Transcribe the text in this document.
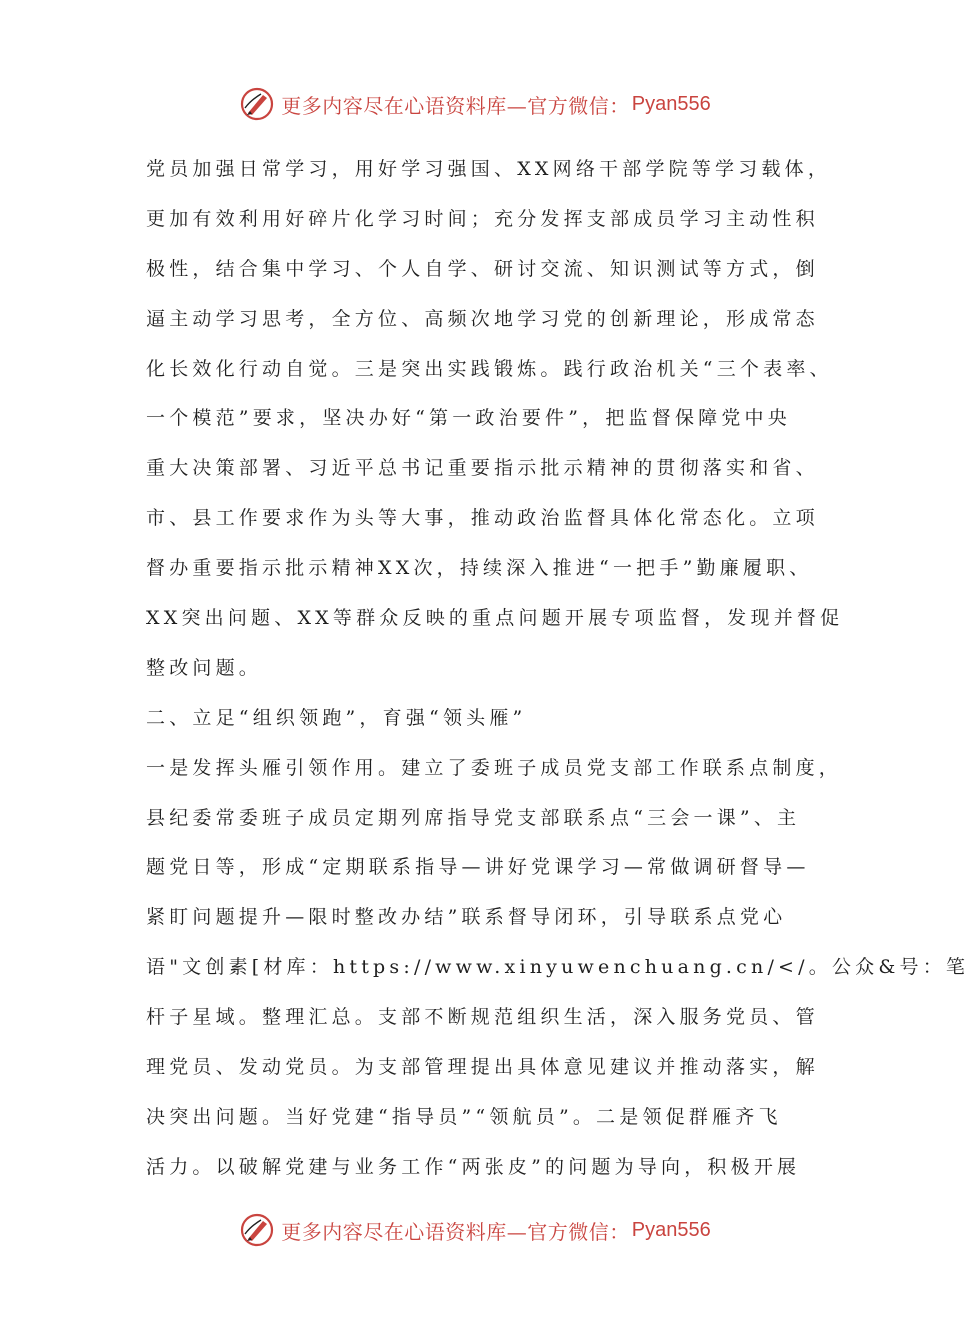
更多内容尽在心语资料库—官方微信： Pyan556
党员加强日常学习，用好学习强国、XX网络干部学院等学习载体，
更加有效利用好碎片化学习时间；充分发挥支部成员学习主动性积
极性，结合集中学习、个人自学、研讨交流、知识测试等方式，倒
逼主动学习思考，全方位、高频次地学习党的创新理论，形成常态
化长效化行动自觉。三是突出实践锻炼。践行政治机关“三个表率、
一个模范”要求，坚决办好“第一政治要件”，把监督保障党中央
重大决策部署、习近平总书记重要指示批示精神的贯彻落实和省、
市、县工作要求作为头等大事，推动政治监督具体化常态化。立项
督办重要指示批示精神XX次，持续深入推进“一把手”勤廉履职、
XX突出问题、XX等群众反映的重点问题开展专项监督，发现并督促
整改问题。
二、立足“组织领跑”，育强“领头雁”
一是发挥头雁引领作用。建立了委班子成员党支部工作联系点制度，
县纪委常委班子成员定期列席指导党支部联系点“三会一课”、主
题党日等，形成“定期联系指导—讲好党课学习—常做调研督导—
紧盯问题提升—限时整改办结”联系督导闭环，引导联系点党心
语"文创素[材库：https://www.xinyuwenchuang.cn/</。公众&号：笔
杆子星域。整理汇总。支部不断规范组织生活，深入服务党员、管
理党员、发动党员。为支部管理提出具体意见建议并推动落实，解
决突出问题。当好党建“指导员”“领航员”。二是领促群雁齐飞
活力。以破解党建与业务工作“两张皮”的问题为导向，积极开展
更多内容尽在心语资料库—官方微信： Pyan556
